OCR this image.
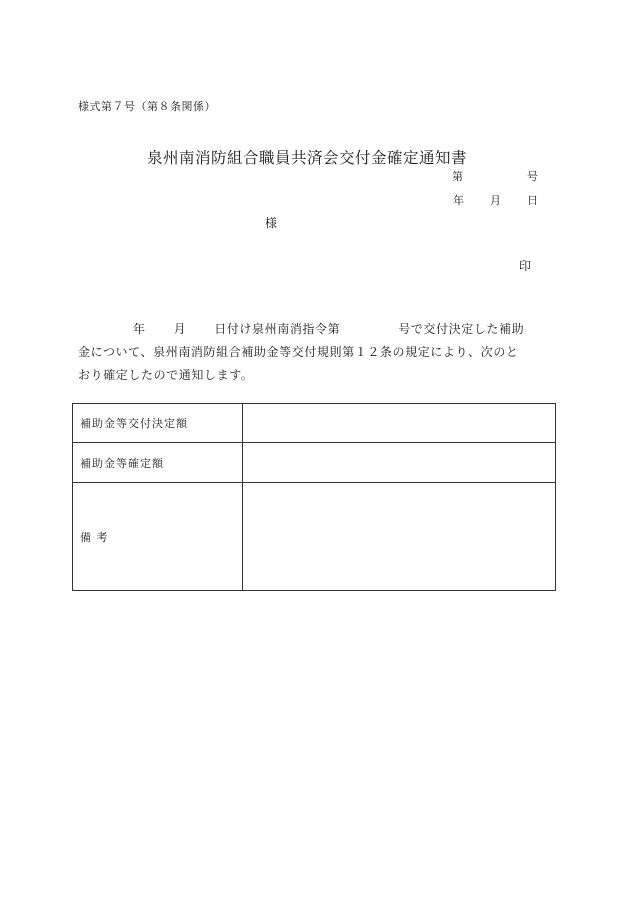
様式第７号（第８条関係）
泉州南消防組合職員共済会交付金確定通知書
第	号
年 月 日
様
印
年 月 日付け泉州南消指令第	号で交付決定した補助
金について、泉州南消防組合補助金等交付規則第１２条の規定により、次のと
おり確定したので通知します。
補助金等交付決定額
補助金等確定額
備 考
